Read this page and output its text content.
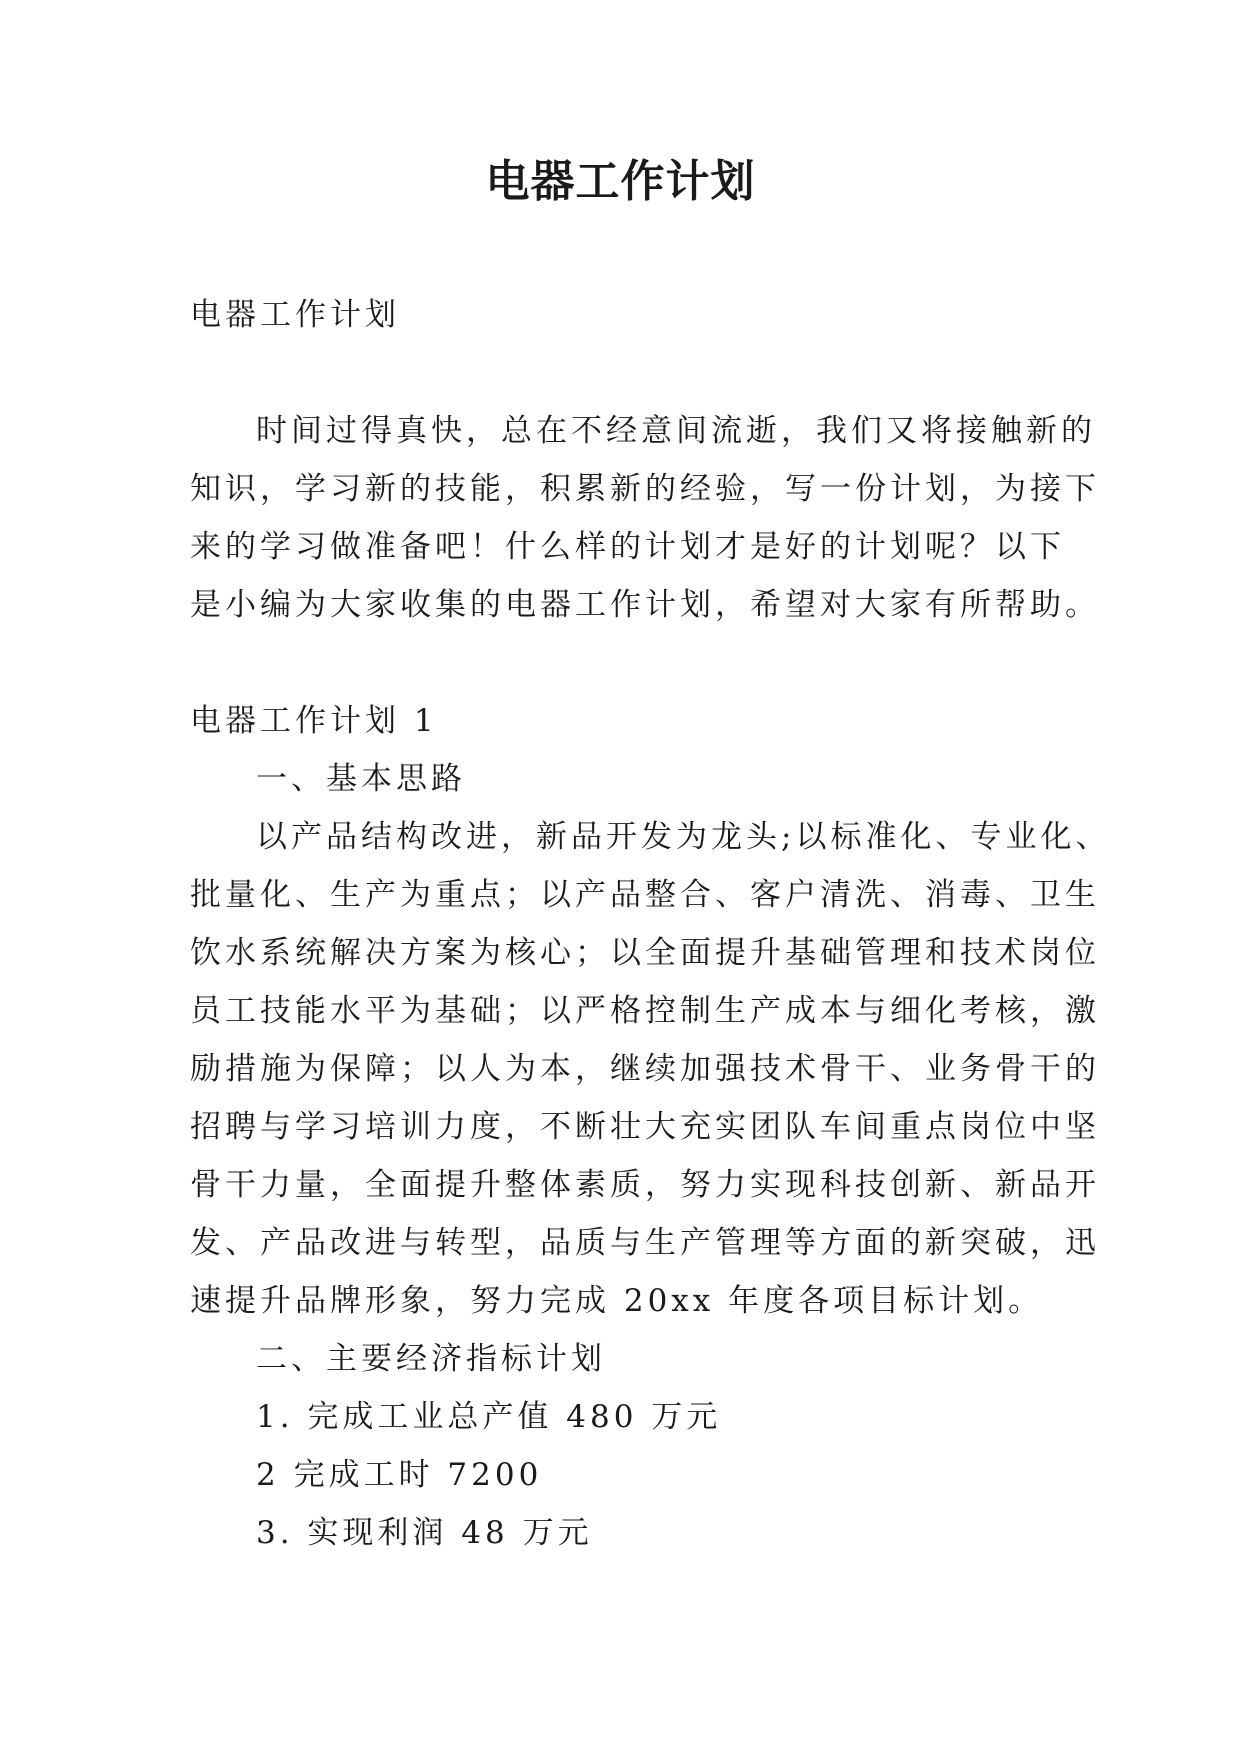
电器工作计划
电器工作计划
时间过得真快，总在不经意间流逝，我们又将接触新的
知识，学习新的技能，积累新的经验，写一份计划，为接下
来的学习做准备吧！什么样的计划才是好的计划呢？以下
是小编为大家收集的电器工作计划，希望对大家有所帮助。
电器工作计划 1
一、基本思路
以产品结构改进，新品开发为龙头;以标准化、专业化、
批量化、生产为重点；以产品整合、客户清洗、消毒、卫生
饮水系统解决方案为核心；以全面提升基础管理和技术岗位
员工技能水平为基础；以严格控制生产成本与细化考核，激
励措施为保障；以人为本，继续加强技术骨干、业务骨干的
招聘与学习培训力度，不断壮大充实团队车间重点岗位中坚
骨干力量，全面提升整体素质，努力实现科技创新、新品开
发、产品改进与转型，品质与生产管理等方面的新突破，迅
速提升品牌形象，努力完成 20xx 年度各项目标计划。
二、主要经济指标计划
1. 完成工业总产值 480 万元
2 完成工时 7200
3. 实现利润 48 万元
